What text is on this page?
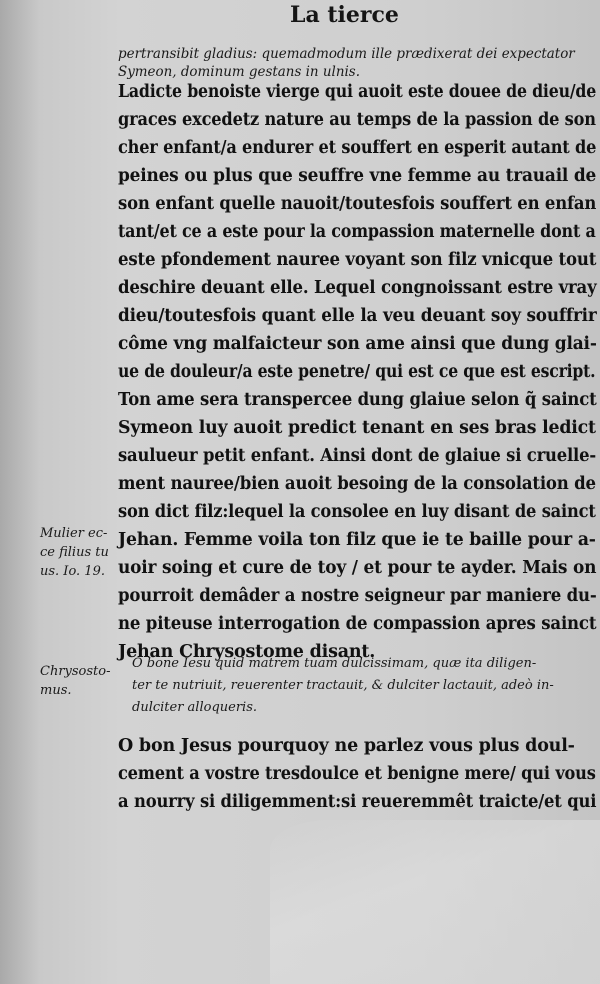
La tierce
pertransibit gladius: quemadmodum ille prædixerat dei expectator
Symeon, dominum gestans in ulnis.
Ladicte benoiste vierge qui auoit este douee de dieu/de
graces excedetz nature au temps de la passion de son
cher enfant/a endurer et souffert en esperit autant de
peines ou plus que seuffre vne femme au trauail de
son enfant quelle nauoit/toutesfois souffert en enfan
tant/et ce a este pour la compassion maternelle dont a
este pfondement nauree voyant son filz vnicque tout
deschire deuant elle. Lequel congnoissant estre vray
dieu/toutesfois quant elle la veu deuant soy souffrir
côme vng malfaicteur son ame ainsi que dung glai-
ue de douleur/a este penetre/ qui est ce que est escript.
Ton ame sera transpercee dung glaiue selon q̃ sainct
Symeon luy auoit predict tenant en ses bras ledict
saulueur petit enfant. Ainsi dont de glaiue si cruelle-
ment nauree/bien auoit besoing de la consolation de
son dict filz:lequel la consolee en luy disant de sainct
Jehan. Femme voila ton filz que ie te baille pour a-
uoir soing et cure de toy / et pour te ayder. Mais on
pourroit demâder a nostre seigneur par maniere du-
ne piteuse interrogation de compassion apres sainct
Jehan Chrysostome disant.
Mulier ec-
ce filius tu
us. Io. 19.
Chrysosto-
mus.
O bone Iesu quid matrem tuam dulcissimam, quæ ita diligen-
ter te nutriuit, reuerenter tractauit, & dulciter lactauit, adeò in-
dulciter alloqueris.
O bon Jesus pourquoy ne parlez vous plus doul-
cement a vostre tresdoulce et benigne mere/ qui vous
a nourry si diligemment:si reueremmêt traicte/et qui
